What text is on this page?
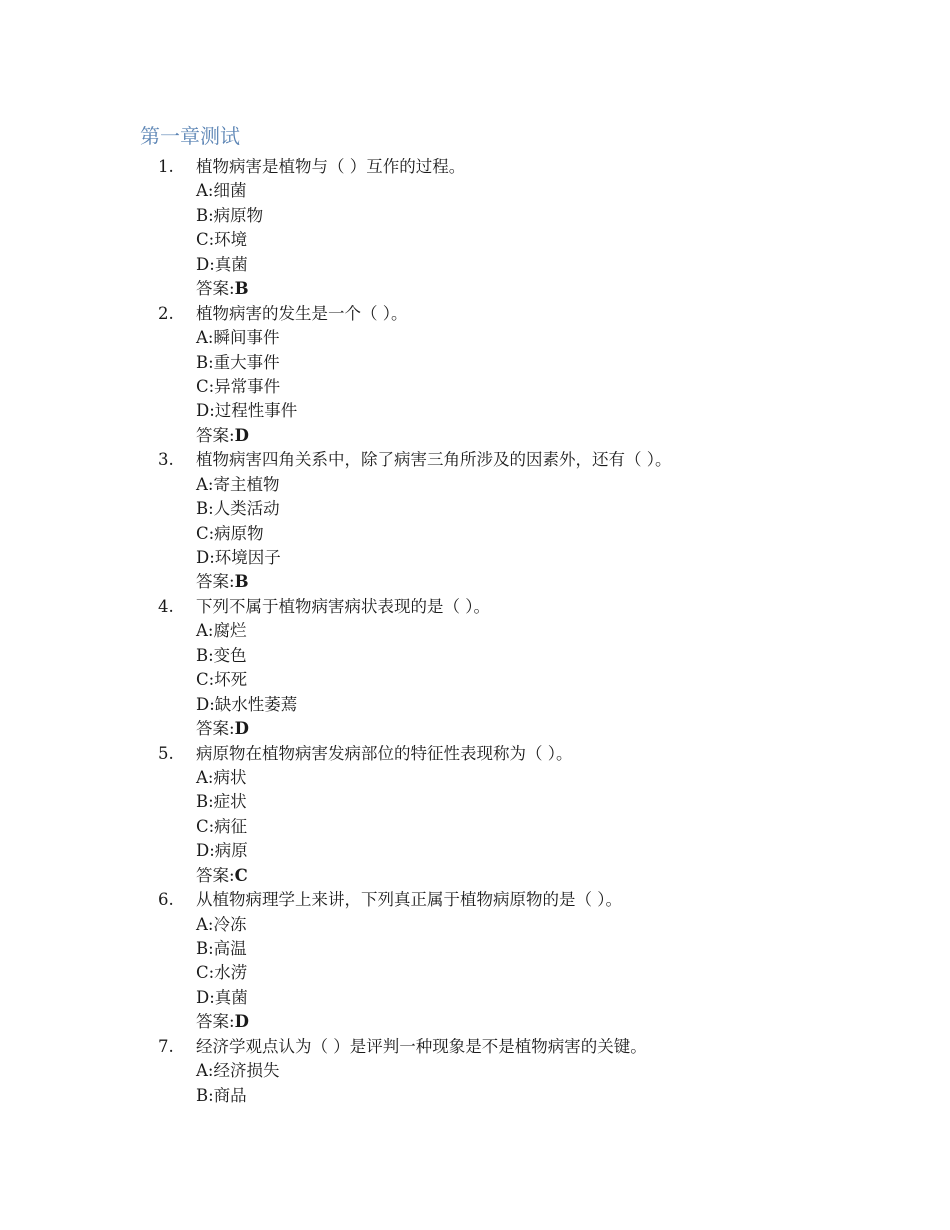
第一章测试
1.	植物病害是植物与（ ）互作的过程。
A:细菌
B:病原物
C:环境
D:真菌
答案:B
2.	植物病害的发生是一个（ ）。
A:瞬间事件
B:重大事件
C:异常事件
D:过程性事件
答案:D
3.	植物病害四角关系中，除了病害三角所涉及的因素外，还有（ ）。
A:寄主植物
B:人类活动
C:病原物
D:环境因子
答案:B
4.	下列不属于植物病害病状表现的是（ ）。
A:腐烂
B:变色
C:坏死
D:缺水性萎蔫
答案:D
5.	病原物在植物病害发病部位的特征性表现称为（ ）。
A:病状
B:症状
C:病征
D:病原
答案:C
6.	从植物病理学上来讲，下列真正属于植物病原物的是（ ）。
A:冷冻
B:高温
C:水涝
D:真菌
答案:D
7.	经济学观点认为（ ）是评判一种现象是不是植物病害的关键。
A:经济损失
B:商品
